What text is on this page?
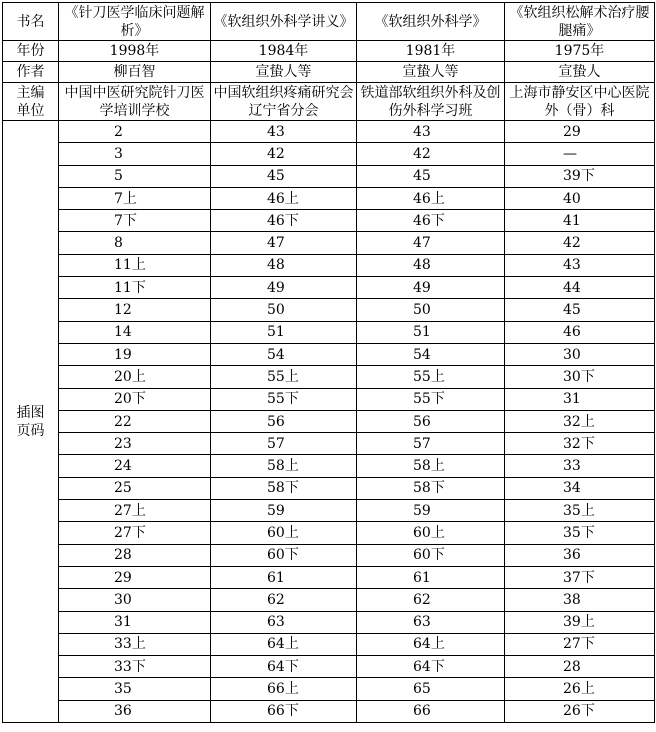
书名	《针刀医学临床问题解析》	《软组织外科学讲义》	《软组织外科学》	《软组织松解术治疗腰腿痛》
年份	1998年	1984年	1981年	1975年
作者	柳百智	宣蛰人等	宣蛰人等	宣蛰人
主编
单位	中国中医研究院针刀医学培训学校	中国软组织疼痛研究会辽宁省分会	铁道部软组织外科及创伤外科学习班	上海市静安区中心医院外（骨）科
插图
页码	2	43	43	29
	3	42	42	—
	5	45	45	39下
	7上	46上	46上	40
	7下	46下	46下	41
	8	47	47	42
	11上	48	48	43
	11下	49	49	44
	12	50	50	45
	14	51	51	46
	19	54	54	30
	20上	55上	55上	30下
	20下	55下	55下	31
	22	56	56	32上
	23	57	57	32下
	24	58上	58上	33
	25	58下	58下	34
	27上	59	59	35上
	27下	60上	60上	35下
	28	60下	60下	36
	29	61	61	37下
	30	62	62	38
	31	63	63	39上
	33上	64上	64上	27下
	33下	64下	64下	28
	35	66上	65	26上
	36	66下	66	26下
